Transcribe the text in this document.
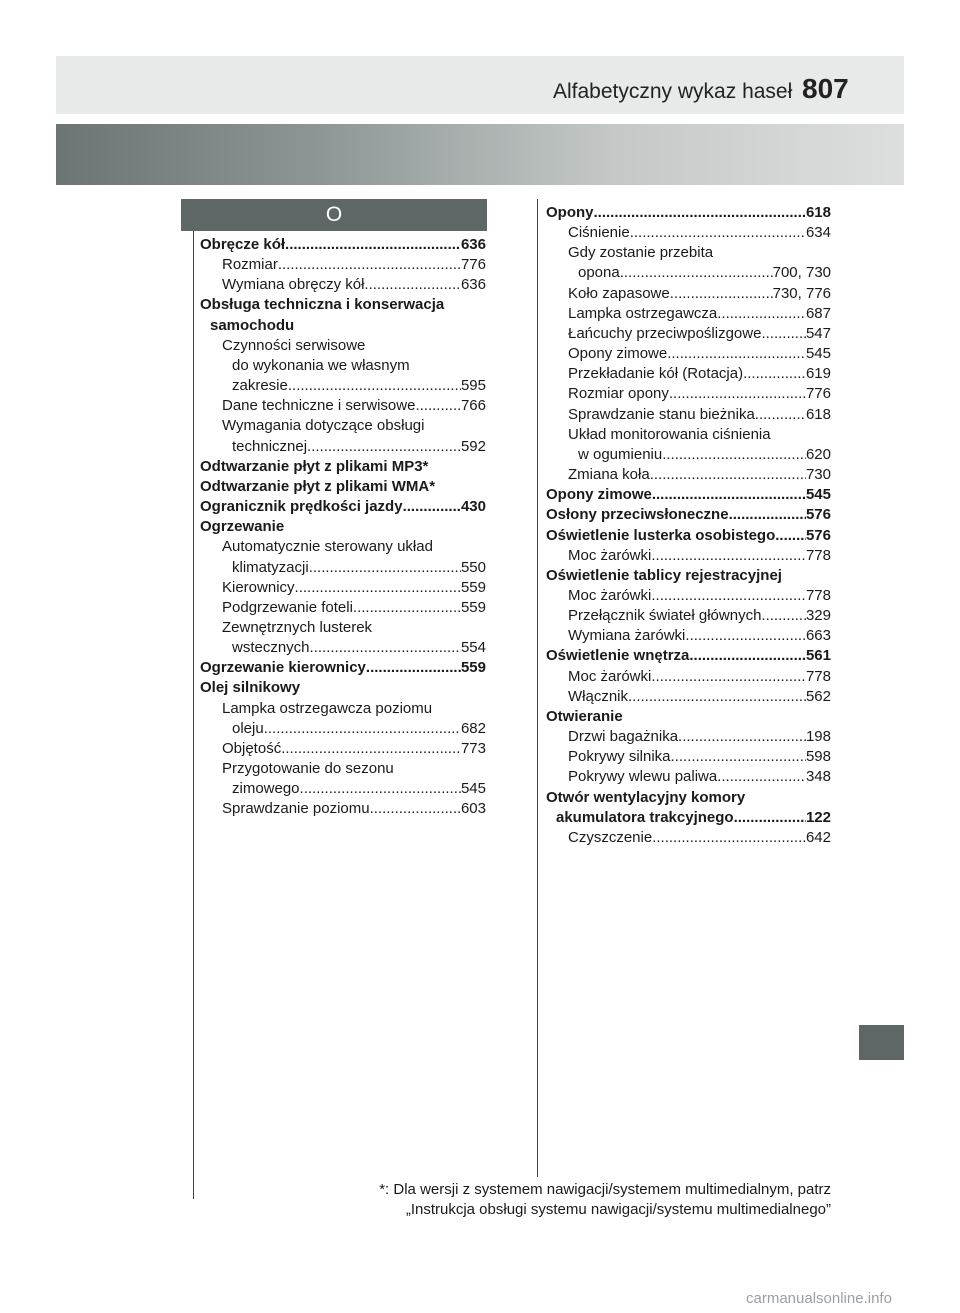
Alfabetyczny wykaz haseł 807
O
Obręcze kół .....	636
Rozmiar .....	776
Wymiana obręczy kół .....	636
Obsługa techniczna i konserwacja
samochodu
Czynności serwisowe
do wykonania we własnym
zakresie .....	595
Dane techniczne i serwisowe .....	766
Wymagania dotyczące obsługi
technicznej .....	592
Odtwarzanie płyt z plikami MP3*
Odtwarzanie płyt z plikami WMA*
Ogranicznik prędkości jazdy .....	430
Ogrzewanie
Automatycznie sterowany układ
klimatyzacji .....	550
Kierownicy .....	559
Podgrzewanie foteli .....	559
Zewnętrznych lusterek
wstecznych .....	554
Ogrzewanie kierownicy .....	559
Olej silnikowy
Lampka ostrzegawcza poziomu
oleju .....	682
Objętość .....	773
Przygotowanie do sezonu
zimowego .....	545
Sprawdzanie poziomu .....	603
Opony .....	618
Ciśnienie .....	634
Gdy zostanie przebita
opona .....	700, 730
Koło zapasowe .....	730, 776
Lampka ostrzegawcza .....	687
Łańcuchy przeciwpoślizgowe .....	547
Opony zimowe .....	545
Przekładanie kół (Rotacja) .....	619
Rozmiar opony .....	776
Sprawdzanie stanu bieżnika .....	618
Układ monitorowania ciśnienia
w ogumieniu .....	620
Zmiana koła .....	730
Opony zimowe .....	545
Osłony przeciwsłoneczne .....	576
Oświetlenie lusterka osobistego ..... 576
Moc żarówki .....	778
Oświetlenie tablicy rejestracyjnej
Moc żarówki .....	778
Przełącznik świateł głównych .....	329
Wymiana żarówki .....	663
Oświetlenie wnętrza .....	561
Moc żarówki .....	778
Włącznik .....	562
Otwieranie
Drzwi bagażnika .....	198
Pokrywy silnika .....	598
Pokrywy wlewu paliwa .....	348
Otwór wentylacyjny komory
akumulatora trakcyjnego .....	122
Czyszczenie .....	642
*: Dla wersji z systemem nawigacji/systemem multimedialnym, patrz
„Instrukcja obsługi systemu nawigacji/systemu multimedialnego”
carmanualsonline.info
